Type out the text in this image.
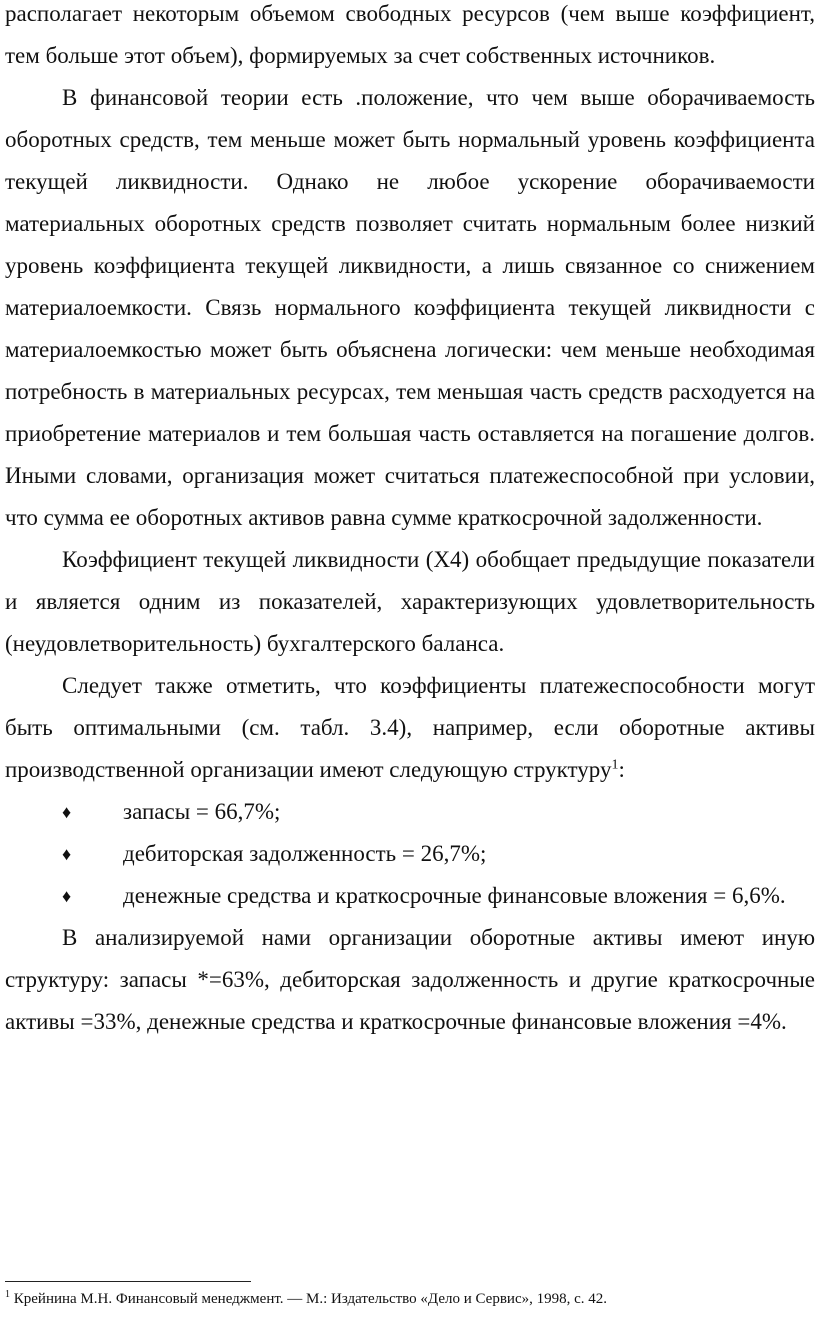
располагает некоторым объемом свободных ресурсов (чем выше коэффициент, тем больше этот объем), формируемых за счет собственных источников.

В финансовой теории есть .положение, что чем выше оборачиваемость оборотных средств, тем меньше может быть нормальный уровень коэффициента текущей ликвидности. Однако не любое ускорение оборачиваемости материальных оборотных средств позволяет считать нормальным более низкий уровень коэффициента текущей ликвидности, а лишь связанное со снижением материалоемкости. Связь нормального коэффициента текущей ликвидности с материалоемкостью может быть объяснена логически: чем меньше необходимая потребность в материальных ресурсах, тем меньшая часть средств расходуется на приобретение материалов и тем большая часть оставляется на погашение долгов. Иными словами, организация может считаться платежеспособной при условии, что сумма ее оборотных активов равна сумме краткосрочной задолженности.

Коэффициент текущей ликвидности (Х4) обобщает предыдущие показатели и является одним из показателей, характеризующих удовлетворительность (неудовлетворительность) бухгалтерского баланса.

Следует также отметить, что коэффициенты платежеспособности могут быть оптимальными (см. табл. 3.4), например, если оборотные активы производственной организации имеют следующую структуру$^1$:

♦	запасы = 66,7%;
♦	дебиторская задолженность = 26,7%;
♦	денежные средства и краткосрочные финансовые вложения = 6,6%.

В анализируемой нами организации оборотные активы имеют иную структуру: запасы *=63%, дебиторская задолженность и другие краткосрочные активы =33%, денежные средства и краткосрочные финансовые вложения =4%.

$^1$ Крейнина М.Н. Финансовый менеджмент. — М.: Издательство «Дело и Сервис», 1998, с. 42.
